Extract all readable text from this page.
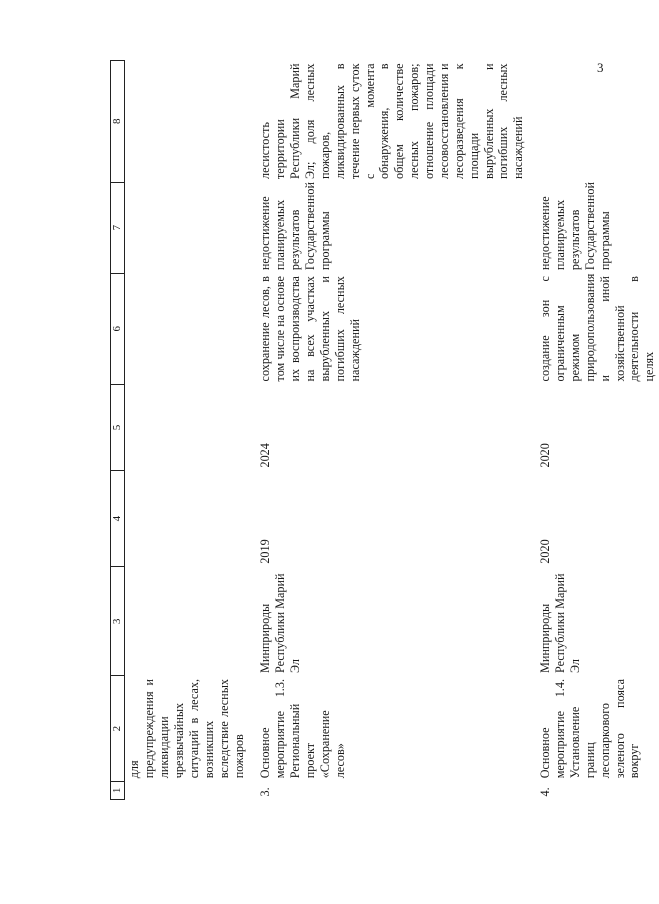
3
1	2	3	4	5	6	7	8
	для предупреждения и ликвидации чрезвычайных ситуаций в лесах, возникших вследствие лесных пожаров						
3.	Основное мероприятие 1.3. Региональный проект «Сохранение лесов»	Минприроды Республики Марий Эл	2019	2024	сохранение лесов, в том числе на основе их воспроизводства на всех участках вырубленных и погибших лесных насаждений	недостижение планируемых результатов Государственной программы	лесистость территории Республики Марий Эл; доля лесных пожаров, ликвидированных в течение первых суток с момента обнаружения, в общем количестве лесных пожаров; отношение площади лесовосстановления и лесоразведения к площади вырубленных и погибших лесных насаждений
4.	Основное мероприятие 1.4. Установление границ лесопаркового зеленого пояса вокруг	Минприроды Республики Марий Эл	2020	2020	создание зон с ограниченным режимом природопользования и иной хозяйственной деятельности в целях	недостижение планируемых результатов Государственной программы	
